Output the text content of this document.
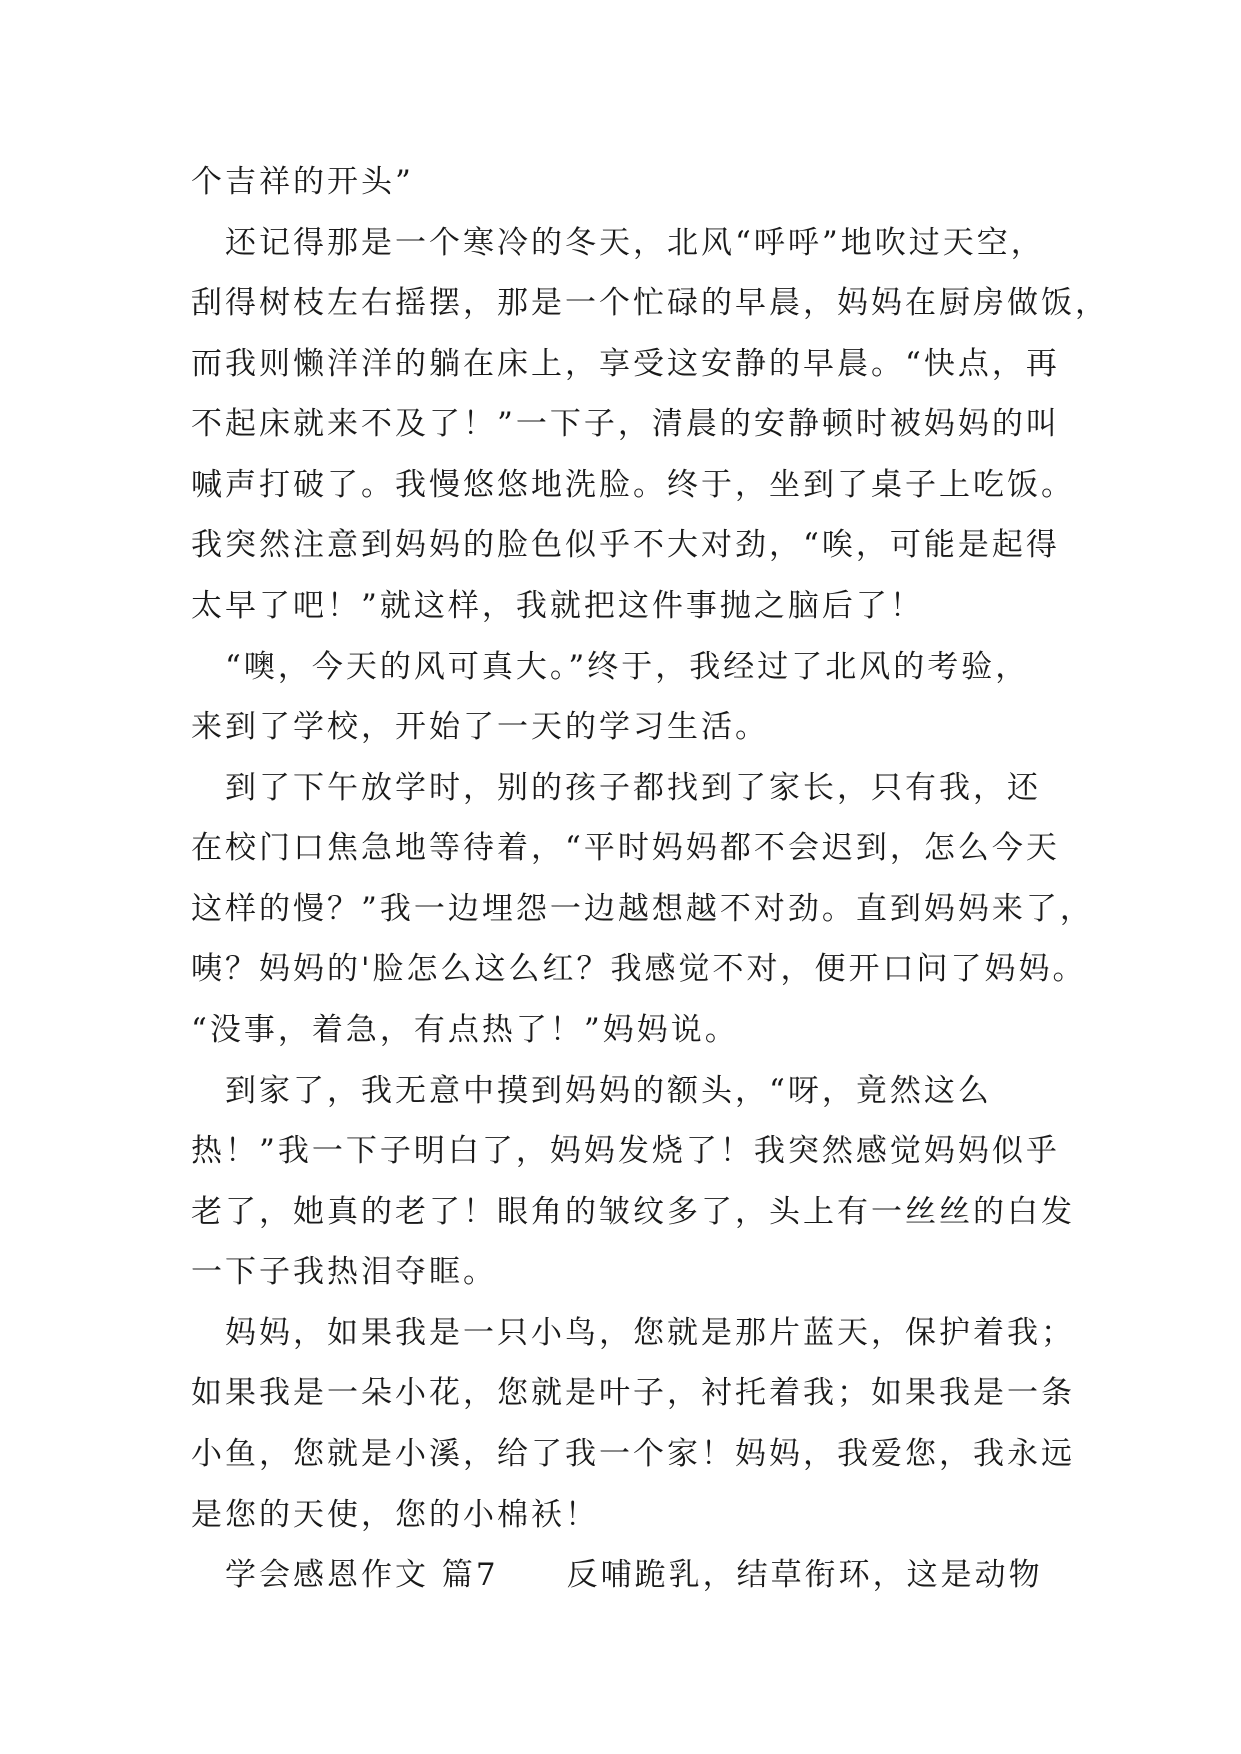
个吉祥的开头”
　还记得那是一个寒冷的冬天，北风“呼呼”地吹过天空，
刮得树枝左右摇摆，那是一个忙碌的早晨，妈妈在厨房做饭，
而我则懒洋洋的躺在床上，享受这安静的早晨。“快点，再
不起床就来不及了！”一下子，清晨的安静顿时被妈妈的叫
喊声打破了。我慢悠悠地洗脸。终于，坐到了桌子上吃饭。
我突然注意到妈妈的脸色似乎不大对劲，“唉，可能是起得
太早了吧！”就这样，我就把这件事抛之脑后了！
　“噢，今天的风可真大。”终于，我经过了北风的考验，
来到了学校，开始了一天的学习生活。
　到了下午放学时，别的孩子都找到了家长，只有我，还
在校门口焦急地等待着，“平时妈妈都不会迟到，怎么今天
这样的慢？”我一边埋怨一边越想越不对劲。直到妈妈来了，
咦？妈妈的'脸怎么这么红？我感觉不对，便开口问了妈妈。
“没事，着急，有点热了！”妈妈说。
　到家了，我无意中摸到妈妈的额头，“呀，竟然这么
热！”我一下子明白了，妈妈发烧了！我突然感觉妈妈似乎
老了，她真的老了！眼角的皱纹多了，头上有一丝丝的白发
一下子我热泪夺眶。
　妈妈，如果我是一只小鸟，您就是那片蓝天，保护着我；
如果我是一朵小花，您就是叶子，衬托着我；如果我是一条
小鱼，您就是小溪，给了我一个家！妈妈，我爱您，我永远
是您的天使，您的小棉袄！
　学会感恩作文 篇7　　反哺跪乳，结草衔环，这是动物
